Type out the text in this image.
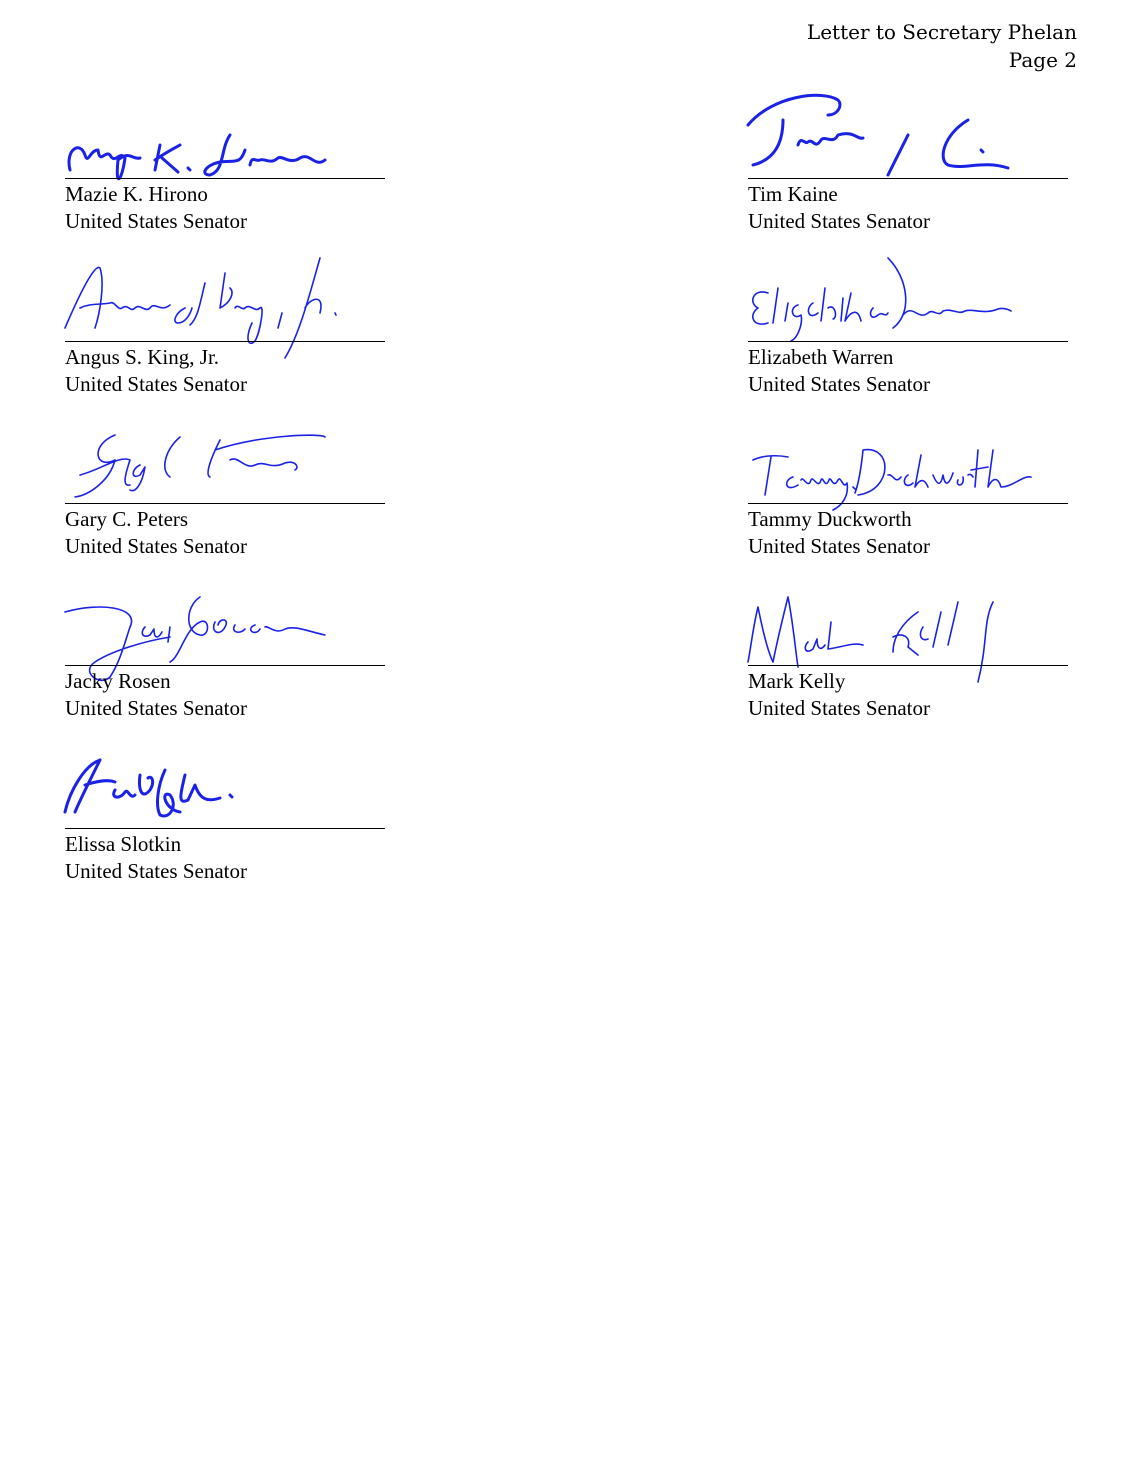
Letter to Secretary Phelan
Page 2
Mazie K. Hirono
United States Senator
Tim Kaine
United States Senator
Angus S. King, Jr.
United States Senator
Elizabeth Warren
United States Senator
Gary C. Peters
United States Senator
Tammy Duckworth
United States Senator
Jacky Rosen
United States Senator
Mark Kelly
United States Senator
Elissa Slotkin
United States Senator
